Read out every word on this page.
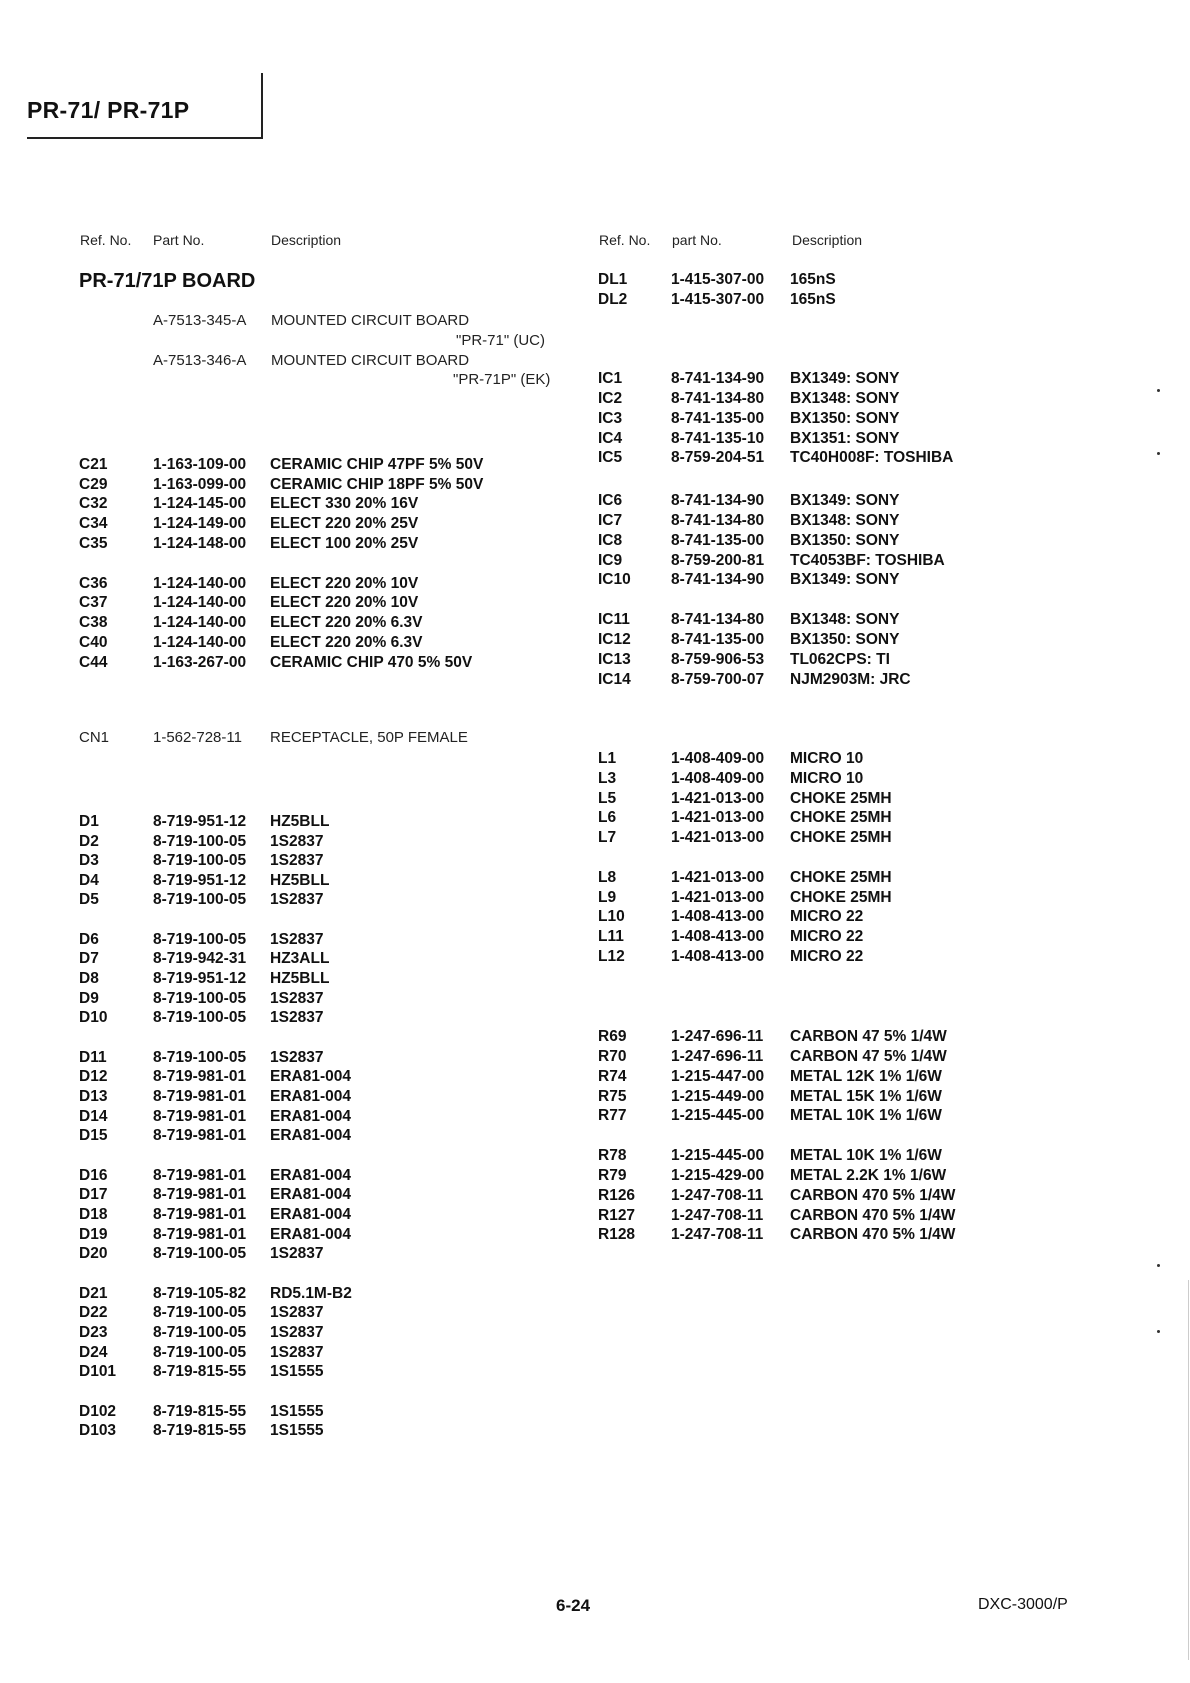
PR-71/ PR-71P
Ref. No. Part No.	Description	Ref. No. part No.	Description
PR-71/71P BOARD
A-7513-345-A MOUNTED CIRCUIT BOARD
"PR-71" (UC)
A-7513-346-A MOUNTED CIRCUIT BOARD
"PR-71P" (EK)
C21	1-163-109-00 CERAMIC CHIP 47PF 5% 50V
C29	1-163-099-00 CERAMIC CHIP 18PF 5% 50V
C32	1-124-145-00 ELECT 330 20% 16V
C34	1-124-149-00 ELECT 220 20% 25V
C35	1-124-148-00 ELECT 100 20% 25V
C36	1-124-140-00 ELECT 220 20% 10V
C37	1-124-140-00 ELECT 220 20% 10V
C38	1-124-140-00 ELECT 220 20% 6.3V
C40	1-124-140-00 ELECT 220 20% 6.3V
C44	1-163-267-00 CERAMIC CHIP 470 5% 50V
CN1	1-562-728-11 RECEPTACLE, 50P FEMALE
D1	8-719-951-12 HZ5BLL
D2	8-719-100-05 1S2837
D3	8-719-100-05 1S2837
D4	8-719-951-12 HZ5BLL
D5	8-719-100-05 1S2837
D6	8-719-100-05 1S2837
D7	8-719-942-31 HZ3ALL
D8	8-719-951-12 HZ5BLL
D9	8-719-100-05 1S2837
D10	8-719-100-05 1S2837
D11	8-719-100-05 1S2837
D12	8-719-981-01 ERA81-004
D13	8-719-981-01 ERA81-004
D14	8-719-981-01 ERA81-004
D15	8-719-981-01 ERA81-004
D16	8-719-981-01 ERA81-004
D17	8-719-981-01 ERA81-004
D18	8-719-981-01 ERA81-004
D19	8-719-981-01 ERA81-004
D20	8-719-100-05 1S2837
D21	8-719-105-82 RD5.1M-B2
D22	8-719-100-05 1S2837
D23	8-719-100-05 1S2837
D24	8-719-100-05 1S2837
D101 8-719-815-55 1S1555
D102 8-719-815-55 1S1555
D103 8-719-815-55 1S1555
DL1	1-415-307-00 165nS
DL2	1-415-307-00 165nS
IC1	8-741-134-90 BX1349: SONY
IC2	8-741-134-80 BX1348: SONY
IC3	8-741-135-00 BX1350: SONY
IC4	8-741-135-10 BX1351: SONY
IC5	8-759-204-51 TC40H008F: TOSHIBA
IC6	8-741-134-90 BX1349: SONY
IC7	8-741-134-80 BX1348: SONY
IC8	8-741-135-00 BX1350: SONY
IC9	8-759-200-81 TC4053BF: TOSHIBA
IC10	8-741-134-90 BX1349: SONY
IC11	8-741-134-80 BX1348: SONY
IC12	8-741-135-00 BX1350: SONY
IC13	8-759-906-53 TL062CPS: TI
IC14	8-759-700-07 NJM2903M: JRC
L1	1-408-409-00 MICRO 10
L3	1-408-409-00 MICRO 10
L5	1-421-013-00 CHOKE 25MH
L6	1-421-013-00 CHOKE 25MH
L7	1-421-013-00 CHOKE 25MH
L8	1-421-013-00 CHOKE 25MH
L9	1-421-013-00 CHOKE 25MH
L10	1-408-413-00 MICRO 22
L11	1-408-413-00 MICRO 22
L12	1-408-413-00 MICRO 22
R69	1-247-696-11 CARBON 47 5% 1/4W
R70	1-247-696-11 CARBON 47 5% 1/4W
R74	1-215-447-00 METAL 12K 1% 1/6W
R75	1-215-449-00 METAL 15K 1% 1/6W
R77	1-215-445-00 METAL 10K 1% 1/6W
R78	1-215-445-00 METAL 10K 1% 1/6W
R79	1-215-429-00 METAL 2.2K 1% 1/6W
R126 1-247-708-11 CARBON 470 5% 1/4W
R127 1-247-708-11 CARBON 470 5% 1/4W
R128 1-247-708-11 CARBON 470 5% 1/4W
6-24	DXC-3000/P
